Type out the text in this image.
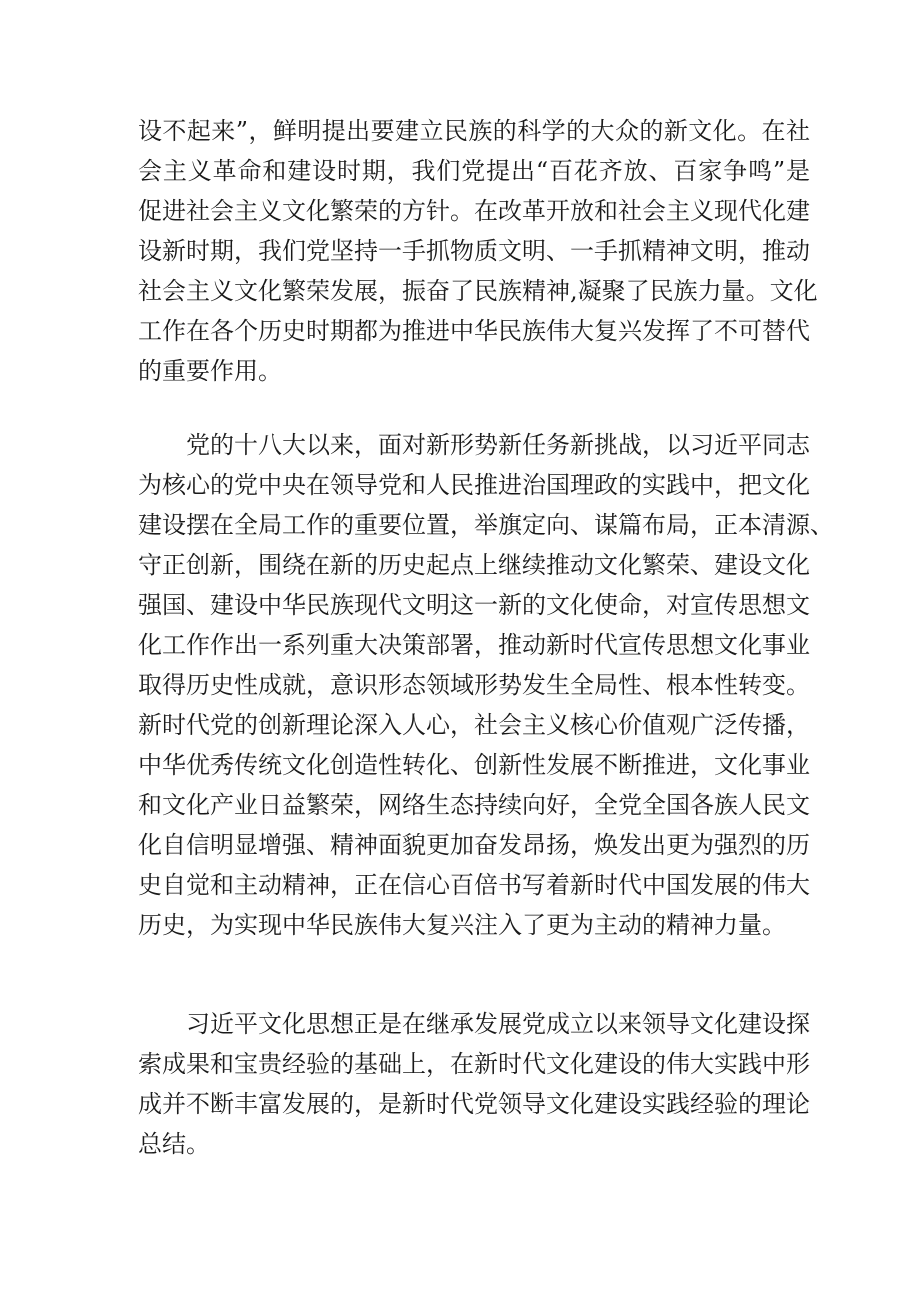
设不起来”，鲜明提出要建立民族的科学的大众的新文化。在社
会主义革命和建设时期，我们党提出“百花齐放、百家争鸣”是
促进社会主义文化繁荣的方针。在改革开放和社会主义现代化建
设新时期，我们党坚持一手抓物质文明、一手抓精神文明，推动
社会主义文化繁荣发展，振奋了民族精神,凝聚了民族力量。文化
工作在各个历史时期都为推进中华民族伟大复兴发挥了不可替代
的重要作用。
党的十八大以来，面对新形势新任务新挑战，以习近平同志
为核心的党中央在领导党和人民推进治国理政的实践中，把文化
建设摆在全局工作的重要位置，举旗定向、谋篇布局，正本清源、
守正创新，围绕在新的历史起点上继续推动文化繁荣、建设文化
强国、建设中华民族现代文明这一新的文化使命，对宣传思想文
化工作作出一系列重大决策部署，推动新时代宣传思想文化事业
取得历史性成就，意识形态领域形势发生全局性、根本性转变。
新时代党的创新理论深入人心，社会主义核心价值观广泛传播，
中华优秀传统文化创造性转化、创新性发展不断推进，文化事业
和文化产业日益繁荣，网络生态持续向好，全党全国各族人民文
化自信明显增强、精神面貌更加奋发昂扬，焕发出更为强烈的历
史自觉和主动精神，正在信心百倍书写着新时代中国发展的伟大
历史，为实现中华民族伟大复兴注入了更为主动的精神力量。
习近平文化思想正是在继承发展党成立以来领导文化建设探
索成果和宝贵经验的基础上，在新时代文化建设的伟大实践中形
成并不断丰富发展的，是新时代党领导文化建设实践经验的理论
总结。
